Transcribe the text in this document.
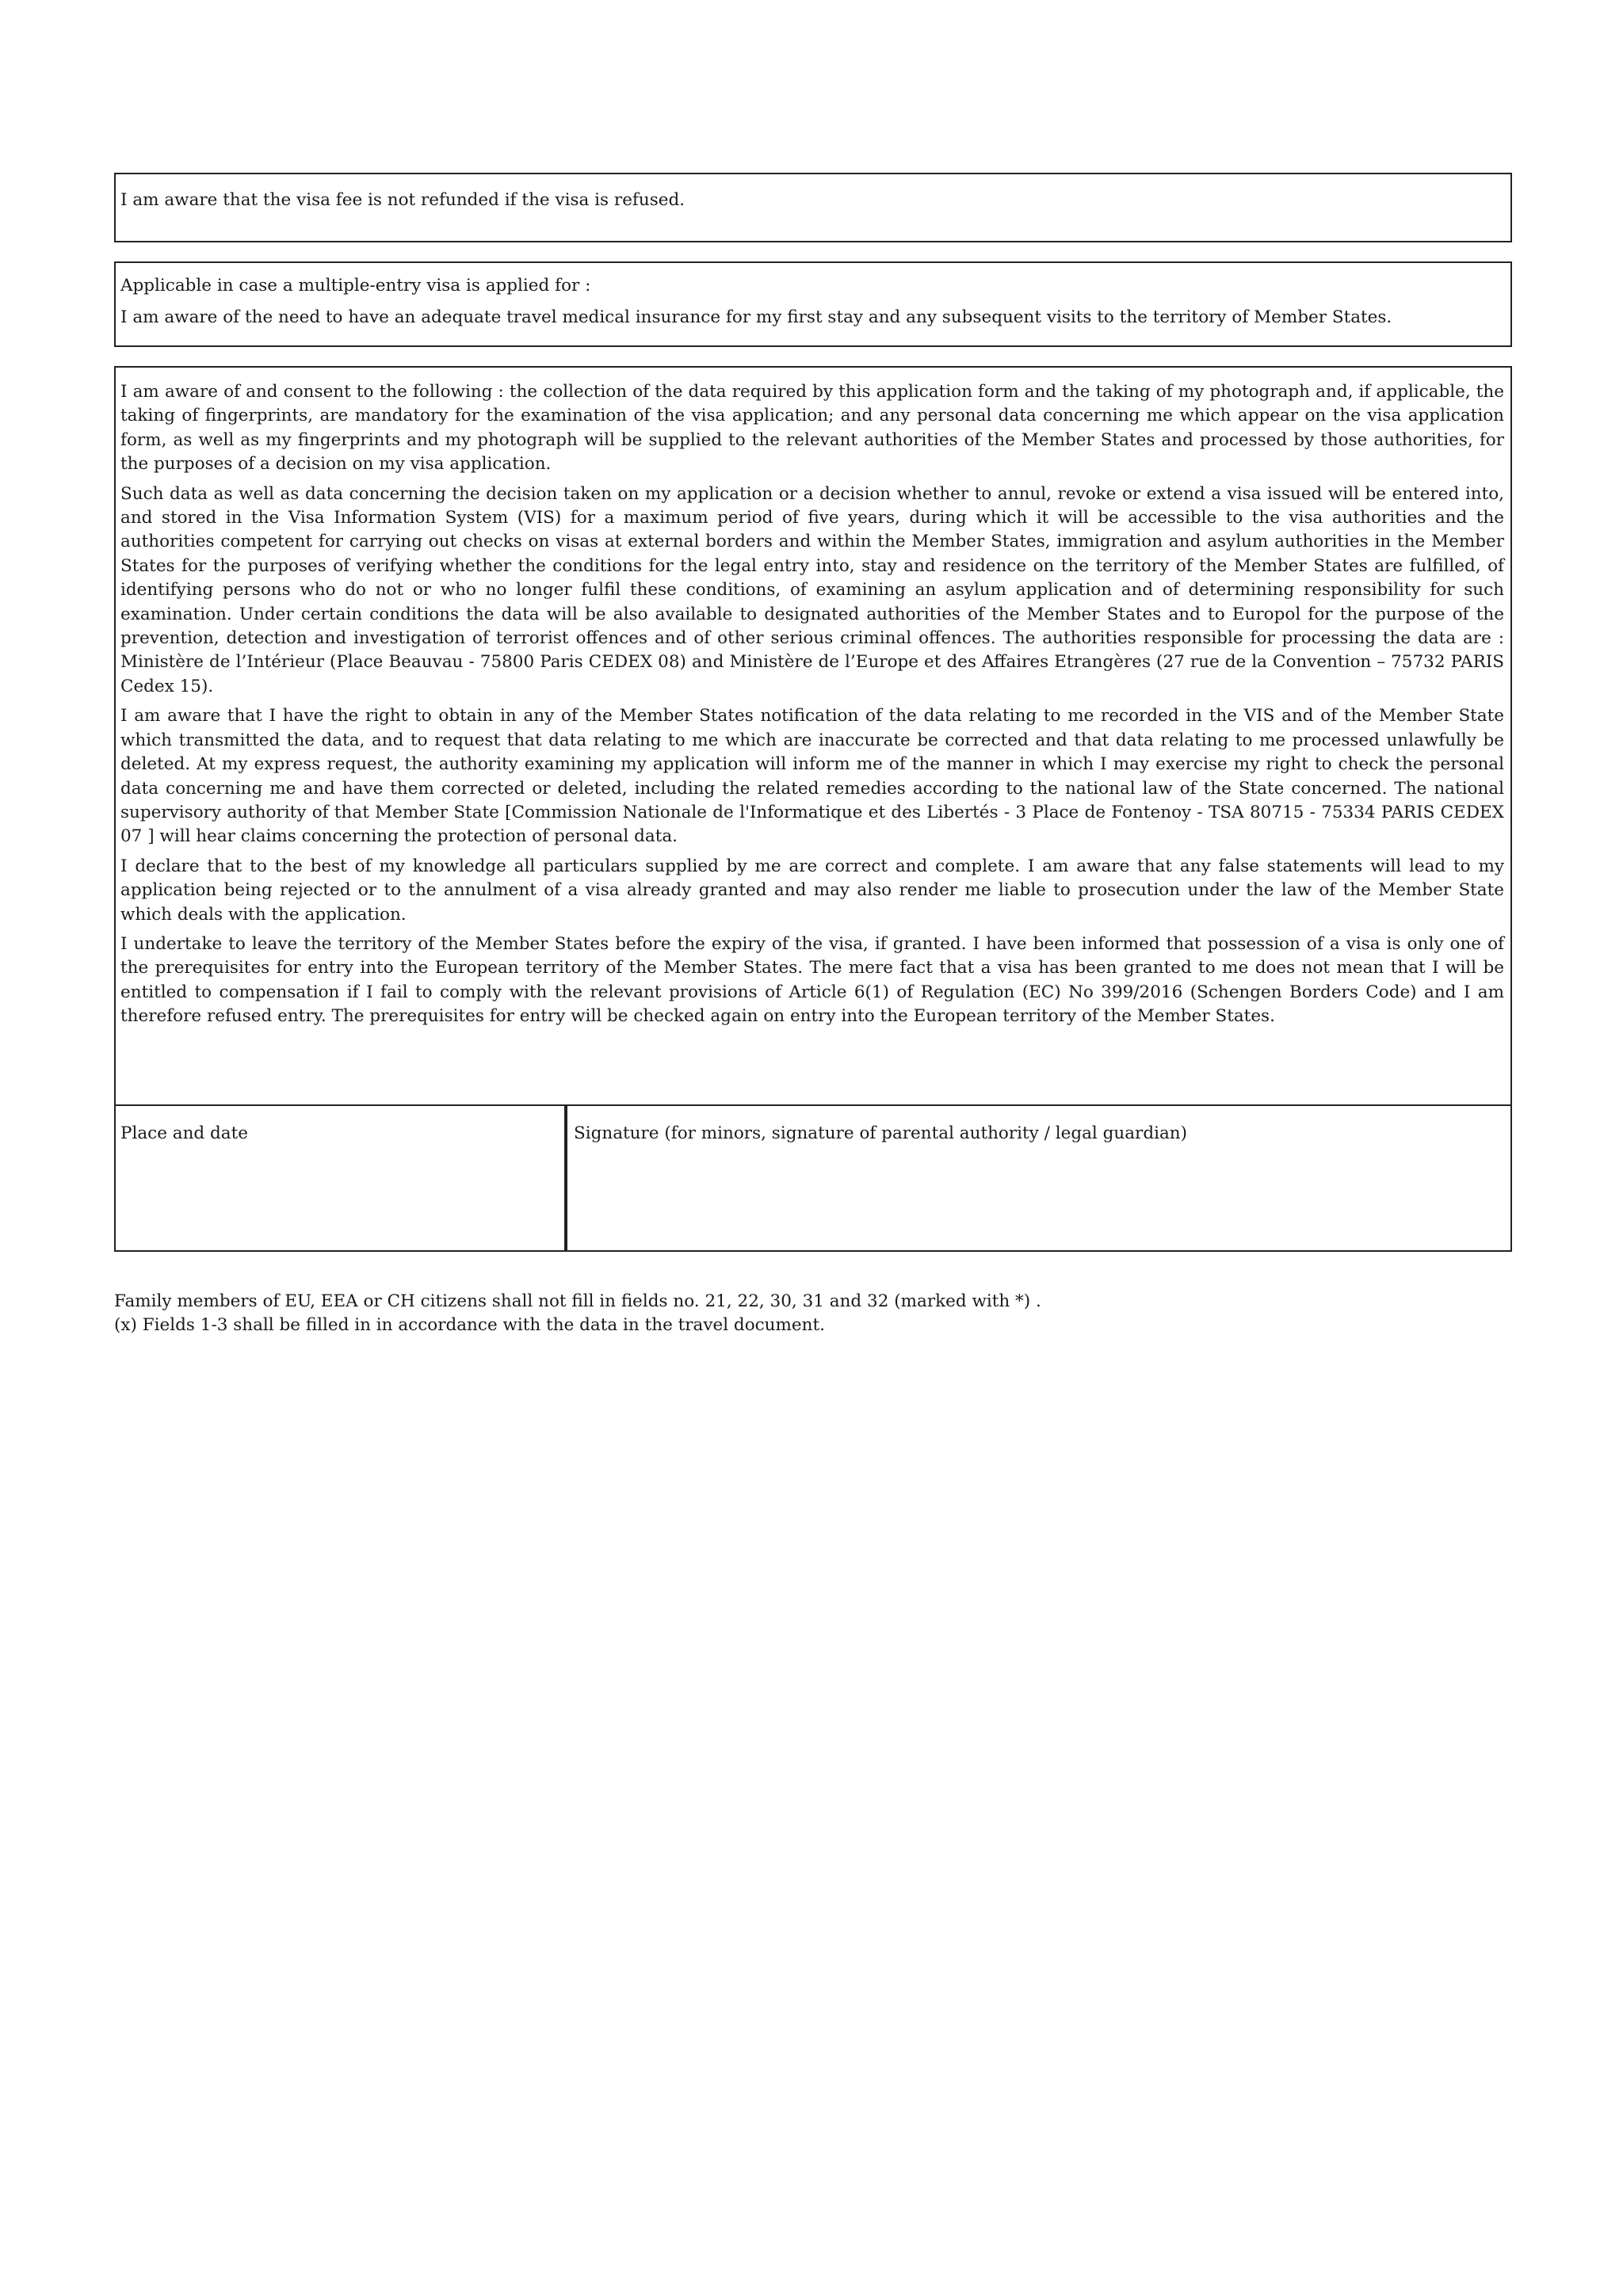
I am aware that the visa fee is not refunded if the visa is refused.
Applicable in case a multiple-entry visa is applied for :
I am aware of the need to have an adequate travel medical insurance for my first stay and any subsequent visits to the territory of Member States.

I am aware of and consent to the following : the collection of the data required by this application form and the taking of my photograph and, if applicable, the taking of fingerprints, are mandatory for the examination of the visa application; and any personal data concerning me which appear on the visa application form, as well as my fingerprints and my photograph will be supplied to the relevant authorities of the Member States and processed by those authorities, for the purposes of a decision on my visa application.

Such data as well as data concerning the decision taken on my application or a decision whether to annul, revoke or extend a visa issued will be entered into, and stored in the Visa Information System (VIS) for a maximum period of five years, during which it will be accessible to the visa authorities and the authorities competent for carrying out checks on visas at external borders and within the Member States, immigration and asylum authorities in the Member States for the purposes of verifying whether the conditions for the legal entry into, stay and residence on the territory of the Member States are fulfilled, of identifying persons who do not or who no longer fulfil these conditions, of examining an asylum application and of determining responsibility for such examination. Under certain conditions the data will be also available to designated authorities of the Member States and to Europol for the purpose of the prevention, detection and investigation of terrorist offences and of other serious criminal offences. The authorities responsible for processing the data are : Ministère de l’Intérieur (Place Beauvau - 75800 Paris CEDEX 08) and Ministère de l’Europe et des Affaires Etrangères (27 rue de la Convention – 75732 PARIS Cedex 15).

I am aware that I have the right to obtain in any of the Member States notification of the data relating to me recorded in the VIS and of the Member State which transmitted the data, and to request that data relating to me which are inaccurate be corrected and that data relating to me processed unlawfully be deleted. At my express request, the authority examining my application will inform me of the manner in which I may exercise my right to check the personal data concerning me and have them corrected or deleted, including the related remedies according to the national law of the State concerned. The national supervisory authority of that Member State [Commission Nationale de l'Informatique et des Libertés - 3 Place de Fontenoy - TSA 80715 - 75334 PARIS CEDEX 07 ] will hear claims concerning the protection of personal data.

I declare that to the best of my knowledge all particulars supplied by me are correct and complete. I am aware that any false statements will lead to my application being rejected or to the annulment of a visa already granted and may also render me liable to prosecution under the law of the Member State which deals with the application.

I undertake to leave the territory of the Member States before the expiry of the visa, if granted. I have been informed that possession of a visa is only one of the prerequisites for entry into the European territory of the Member States. The mere fact that a visa has been granted to me does not mean that I will be entitled to compensation if I fail to comply with the relevant provisions of Article 6(1) of Regulation (EC) No 399/2016 (Schengen Borders Code) and I am therefore refused entry. The prerequisites for entry will be checked again on entry into the European territory of the Member States.

Place and date	Signature (for minors, signature of parental authority / legal guardian)
Family members of EU, EEA or CH citizens shall not fill in fields no. 21, 22, 30, 31 and 32 (marked with *) .
(x) Fields 1-3 shall be filled in in accordance with the data in the travel document.
